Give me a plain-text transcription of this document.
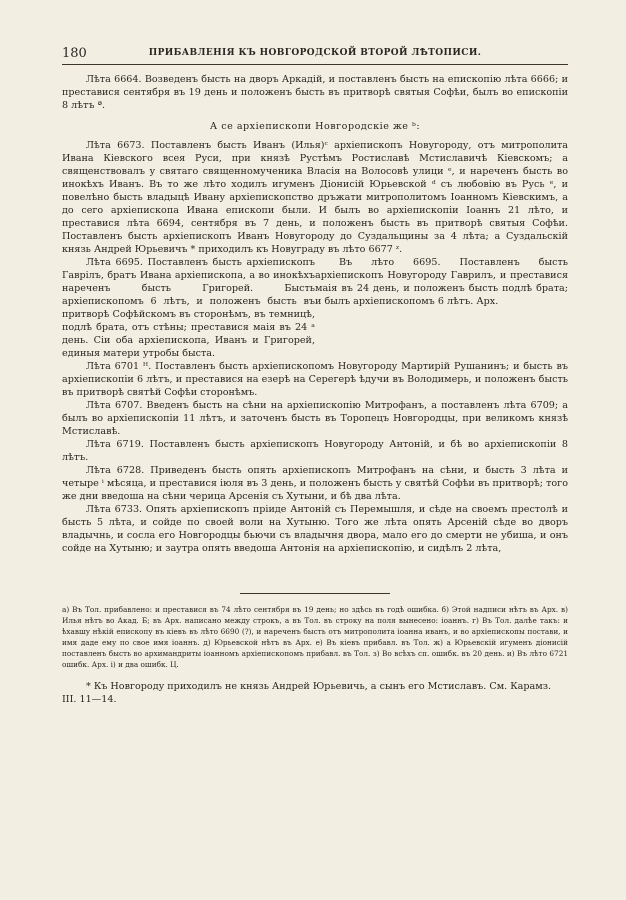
180	ПРИБАВЛЕНІЯ КЪ НОВГОРОДСКОЙ ВТОРОЙ ЛѢТОПИСИ.

Лѣта 6664. Возведенъ бысть на дворъ Аркадій, и поставленъ бысть на епископію лѣта 6666; и преставися сентября въ 19 день и положенъ бысть въ притворѣ святыя Софѣи, былъ во епископіи 8 лѣтъ ª.

А се архіепископи Новгородскіе же ᵇ:

Лѣта 6673. Поставленъ бысть Иванъ (Илья)ᶜ архіепископъ Новугороду, отъ митрополита Ивана Кіевского всея Руси, при князѣ Рустѣмъ Ростиславѣ Мстиславичѣ Кіевскомъ; а священствовалъ у святаго священномученика Власія на Волосовѣ улици ᵉ, и нареченъ бысть во инокѣхъ Иванъ. Въ то же лѣто ходилъ игуменъ Діонисій Юрьевской ᵈ съ любовію въ Русь ᵉ, и повелѣно бысть владыцѣ Ивану архіепископство дръжати митрополитомъ Іоанномъ Кіевскимъ, а до сего архіепископа Ивана епископи были. И былъ во архіепископіи Іоаннъ 21 лѣто, и преставися лѣта 6694, сентября въ 7 день, и положенъ бысть въ притворѣ святыя Софѣи. Поставленъ бысть архіепископъ Иванъ Новугороду до Суздальщины за 4 лѣта; а Суздальскій князь Андрей Юрьевичъ * приходилъ къ Новуграду въ лѣто 6677 ᶻ.

Лѣта 6695. Поставленъ бысть архіепископъ Гаврілъ, братъ Ивана архіепископа, а во инокѣхъ нареченъ бысть Григорей. Бысть архіепископомъ 6 лѣтъ, и положенъ бысть въ притворѣ Софѣйскомъ въ сторонѣмъ, въ темницѣ, подлѣ брата, отъ стѣны; преставися маія въ 24 ᵃ день. Сіи оба архіепископа, Иванъ и Григорей, единыя матери утробы быста.

Въ лѣто 6695. Поставленъ бысть архіепископъ Новугороду Гаврилъ, и преставися маія въ 24 день, и положенъ бысть подлѣ брата; и былъ архіепископомъ 6 лѣтъ. Арх.

Лѣта 6701 ᴴ. Поставленъ бысть архіепископомъ Новугороду Мартирій Рушанинъ; и бысть въ архіепископіи 6 лѣтъ, и преставися на езерѣ на Серегерѣ ѣдучи въ Володимерь, и положенъ бысть въ притворѣ святѣй Софѣи сторонѣмъ.

Лѣта 6707. Введенъ бысть на сѣни на архіепископію Митрофанъ, а поставленъ лѣта 6709; а былъ во архіепископіи 11 лѣтъ, и заточенъ бысть въ Торопецъ Новгородцы, при великомъ князѣ Мстиславѣ.

Лѣта 6719. Поставленъ бысть архіепископъ Новугороду Антоній, и бѣ во архіепископіи 8 лѣтъ.

Лѣта 6728. Приведенъ бысть опять архіепископъ Митрофанъ на сѣни, и бысть 3 лѣта и четыре ⁱ мѣсяца, и преставися іюля въ 3 день, и положенъ бысть у святѣй Софѣи въ притворѣ; того же дни введоша на сѣни черица Арсенія съ Хутыни, и бѣ два лѣта.

Лѣта 6733. Опять архіепископъ пріиде Антоній съ Перемышля, и сѣде на своемъ престолѣ и бысть 5 лѣта, и сойде по своей воли на Хутыню. Того же лѣта опять Арсеній сѣде во дворъ владычнь, и сосла его Новгородцы бьючи съ владычня двора, мало его до смерти не убиша, и онъ сойде на Хутыню; и заутра опять введоша Антонія на архіепископію, и сидѣлъ 2 лѣта,

а) Въ Тол. прибавлено: и преставися въ 74 лѣто сентября въ 19 день; но здѣсь въ годѣ ошибка. б) Этой надписи нѣтъ въ Арх. в) Илья нѣтъ во Акад. Б; въ Арх. написано между строкъ, а въ Тол. въ строку на поля вынесено: іоаннъ. г) Въ Тол. далѣе такъ: и ѣхавшу нѣкій епископу въ кіевъ въ лѣто 6690 (?), и нареченъ бысть отъ митрополита іоанна иванъ, и во архіепископы постави, и имя даде ему по свое имя іоаннъ. д) Юрьевской нѣтъ въ Арх. е) Въ кіевъ прибавл. въ Тол. ж) а Юрьевскій игуменъ діонисій поставленъ бысть во архимандриты іоанномъ архіепископомъ прибавл. въ Тол. з) Во всѣхъ сп. ошибк. въ 20 день. и) Въ лѣто 6721 ошибк. Арх. і) и два ошибк. Ц.

* Къ Новгороду приходилъ не князь Андрей Юрьевичь, а сынъ его Мстиславъ. См. Карамз. III. 11—14.
